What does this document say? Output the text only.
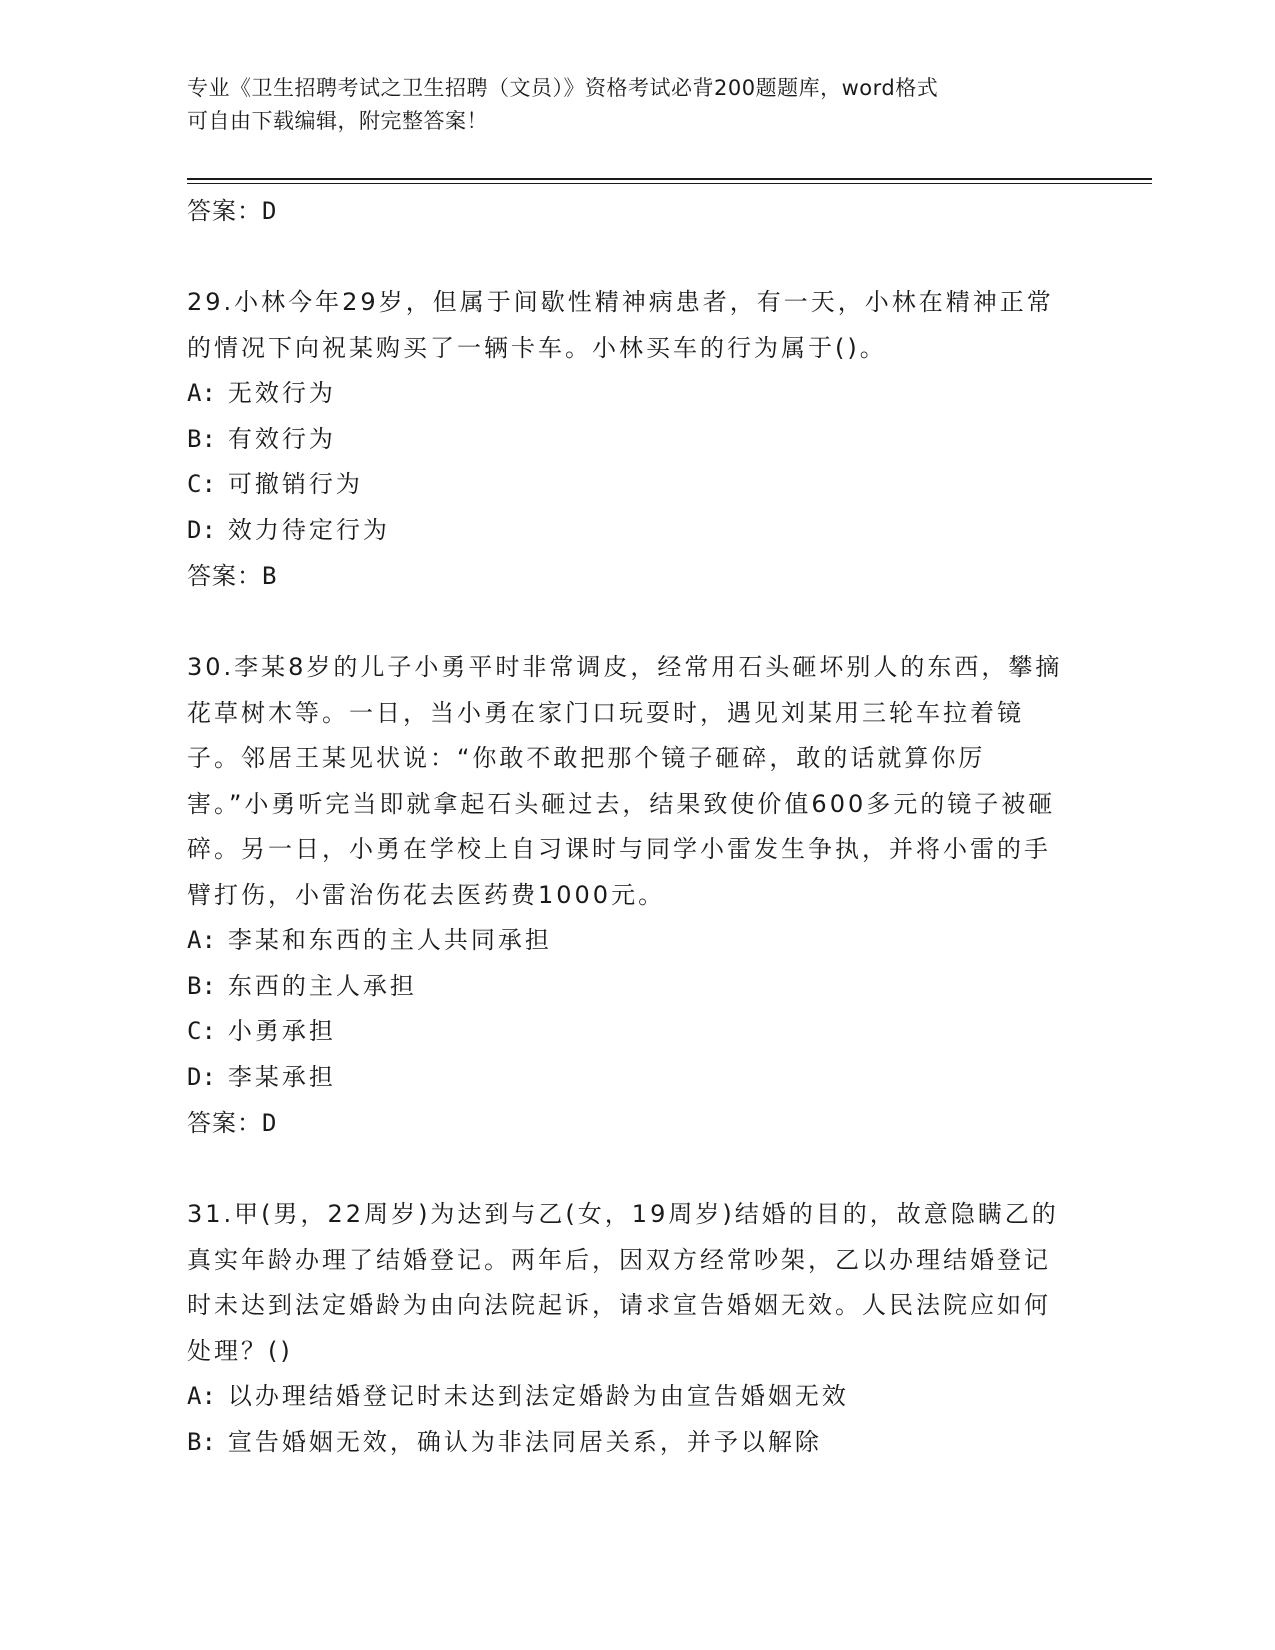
专业《卫生招聘考试之卫生招聘（文员）》资格考试必背200题题库，word格式
可自由下载编辑，附完整答案！
答案：D
29.小林今年29岁，但属于间歇性精神病患者，有一天，小林在精神正常的情况下向祝某购买了一辆卡车。小林买车的行为属于()。
A: 无效行为
B: 有效行为
C: 可撤销行为
D: 效力待定行为
答案：B
30.李某8岁的儿子小勇平时非常调皮，经常用石头砸坏别人的东西，攀摘花草树木等。一日，当小勇在家门口玩耍时，遇见刘某用三轮车拉着镜子。邻居王某见状说：“你敢不敢把那个镜子砸碎，敢的话就算你厉害。”小勇听完当即就拿起石头砸过去，结果致使价值600多元的镜子被砸碎。另一日，小勇在学校上自习课时与同学小雷发生争执，并将小雷的手臂打伤，小雷治伤花去医药费1000元。
A: 李某和东西的主人共同承担
B: 东西的主人承担
C: 小勇承担
D: 李某承担
答案：D
31.甲(男，22周岁)为达到与乙(女，19周岁)结婚的目的，故意隐瞒乙的真实年龄办理了结婚登记。两年后，因双方经常吵架，乙以办理结婚登记时未达到法定婚龄为由向法院起诉，请求宣告婚姻无效。人民法院应如何处理？()
A: 以办理结婚登记时未达到法定婚龄为由宣告婚姻无效
B: 宣告婚姻无效，确认为非法同居关系，并予以解除
